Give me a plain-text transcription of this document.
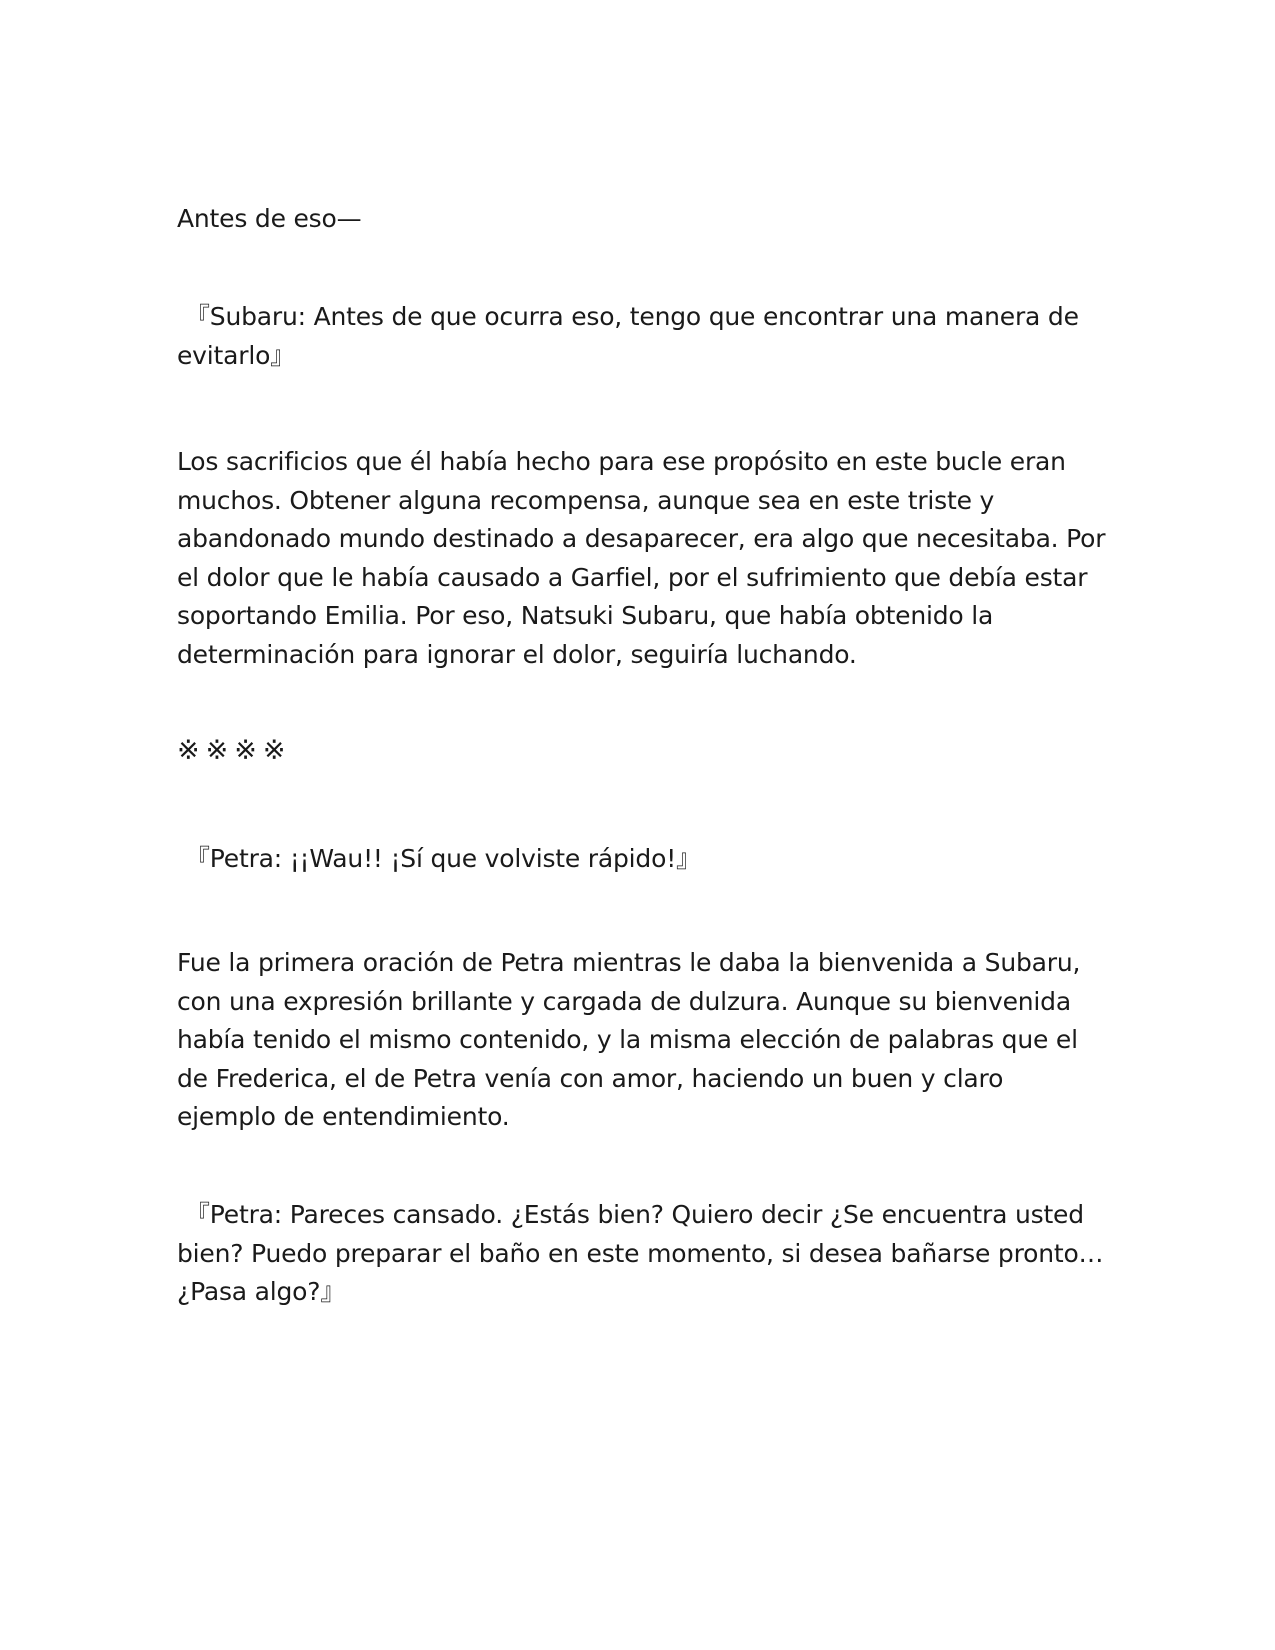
Antes de eso—

『Subaru: Antes de que ocurra eso, tengo que encontrar una manera de evitarlo』

Los sacrificios que él había hecho para ese propósito en este bucle eran muchos. Obtener alguna recompensa, aunque sea en este triste y abandonado mundo destinado a desaparecer, era algo que necesitaba. Por el dolor que le había causado a Garfiel, por el sufrimiento que debía estar soportando Emilia. Por eso, Natsuki Subaru, que había obtenido la determinación para ignorar el dolor, seguiría luchando.

※※※※

『Petra: ¡¡Wau!! ¡Sí que volviste rápido!』

Fue la primera oración de Petra mientras le daba la bienvenida a Subaru, con una expresión brillante y cargada de dulzura. Aunque su bienvenida había tenido el mismo contenido, y la misma elección de palabras que el de Frederica, el de Petra venía con amor, haciendo un buen y claro ejemplo de entendimiento.

『Petra: Pareces cansado. ¿Estás bien? Quiero decir ¿Se encuentra usted bien? Puedo preparar el baño en este momento, si desea bañarse pronto… ¿Pasa algo?』
